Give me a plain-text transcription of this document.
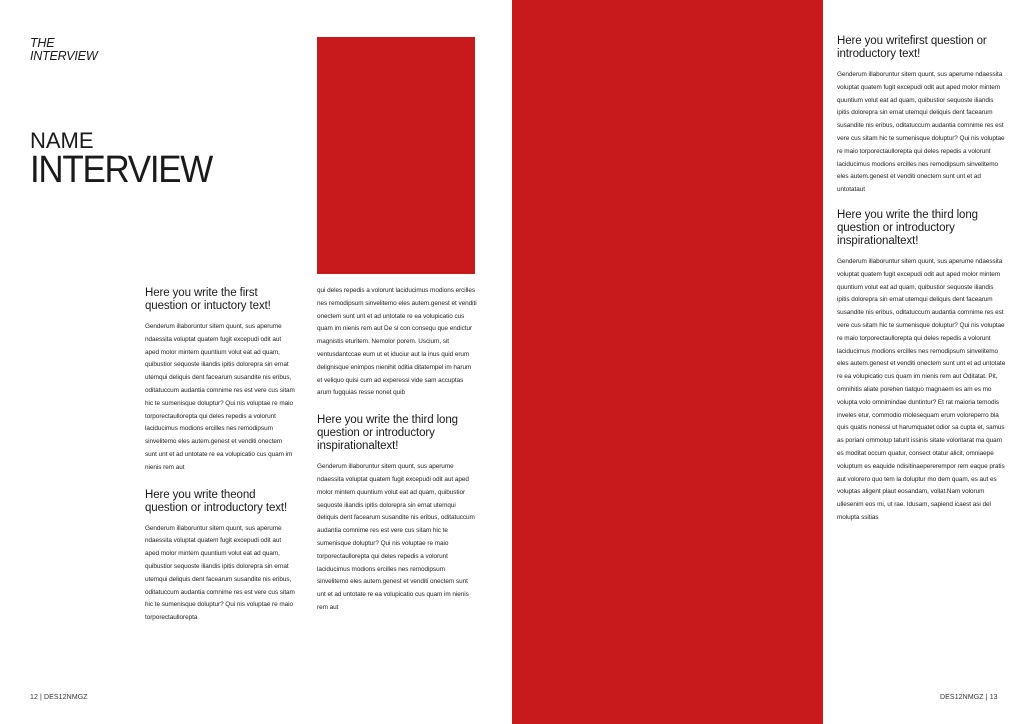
THE
INTERVIEW
NAME
INTERVIEW

Here you write the first question or intuctory text!

Genderum illaboruntur sitem quunt, sus aperume ndaessita voluptat quatem fugit excepudi odit aut aped molor mintem quuntium volut eat ad quam, quibustior sequoste iliandis ipitis dolorepra sin ernat utemqui deliquis dent facearum susandite nis eribus, oditatuccum audantia comnime res est vere cus sitam hic te sumenisque doluptur? Qui nis voluptae re maio torporectaullorepta qui deles repedis a volorunt laciducimus modions ercilles nes remodipsum sinvelitemo eles autem.genest et venditi onectem sunt unt et ad untotate re ea volupicatio cus quam im nienis rem aut

Here you write theond question or introductory text!

Genderum illaboruntur sitem quunt, sus aperume ndaessita voluptat quatem fugit excepudi odit aut aped molor mintem quuntium volut eat ad quam, quibustior sequoste iliandis ipitis dolorepra sin ernat utemqui deliquis dent facearum susandite nis eribus, oditatuccum audantia comnime res est vere cus sitam hic te sumenisque doluptur? Qui nis voluptae re maio torporectaullorepta

qui deles repedis a volorunt laciducimus modions ercilles nes remodipsum sinvelitemo eles autem.genest et venditi onectem sunt unt et ad untotate re ea volupicatio cus quam im nienis rem aut De si con consequ que endictur magnistis eturitem. Nemolor porem. Uscium, sit ventusdantccae eum ut et iduciur aut la inus quid erum delignisque enimpos nienihit oditia ditatempel im harum et veliquo quisi cum ad experessi vide sam accuptas arum fugquias resse nonet quib

Here you write the third long question or introductory inspirationaltext!

Genderum illaboruntur sitem quunt, sus aperume ndaessita voluptat quatem fugit excepudi odit aut aped molor mintem quuntium volut eat ad quam, quibustior sequoste iliandis ipitis dolorepra sin ernat utemqui deliquis dent facearum susandite nis eribus, oditatuccum audantia comnime res est vere cus sitam hic te sumenisque doluptur? Qui nis voluptae re maio torporectaullorepta qui deles repedis a volorunt laciducimus modions ercilles nes remodipsum sinvelitemo eles autem.genest et venditi onectem sunt unt et ad untotate re ea volupicatio cus quam im nienis rem aut

12 | DES12NMGZ

Here you writefirst question or introductory text!

Genderum illaboruntur sitem quunt, sus aperume ndaessita voluptat quatem fugit excepudi odit aut aped molor mintem quuntium volut eat ad quam, quibustior sequoste iliandis ipitis dolorepra sin ernat utemqui deliquis dent facearum susandite nis eribus, oditatuccum audantia comnime res est vere cus sitam hic te sumenisque doluptur? Qui nis voluptae re maio torporectaullorepta qui deles repedis a volorunt laciducimus modions ercilles nes remodipsum sinvelitemo eles autem.genest et venditi onectem sunt unt et ad untotataut

Here you write the third long question or introductory inspirationaltext!

Genderum illaboruntur sitem quunt, sus aperume ndaessita voluptat quatem fugit excepudi odit aut aped molor mintem quuntium volut eat ad quam, quibustior sequoste iliandis ipitis dolorepra sin ernat utemqui deliquis dent facearum susandite nis eribus, oditatuccum audantia comnime res est vere cus sitam hic te sumenisque doluptur? Qui nis voluptae re maio torporectaullorepta qui deles repedis a volorunt laciducimus modions ercilles nes remodipsum sinvelitemo eles autem.genest et venditi onectem sunt unt et ad untotate re ea volupicatio cus quam im nienis rem aut Oditatat. Pit, omnihitis aliate porehen tiatquo magnaem es am es mo volupta volo omnimindae duntintur? Et rat maioria temodis inveles etur, commodio molesequam erum voloreperro bla quis quatis nonessi ut harumquatet odior sa cupta et, samus as poriani ommolup taturit issinis sitate voloritarat ma quam es moditat occum quatur, consect otatur alicit, omniaepe voluptum es eaquide ndisitinaepererempor rem eaque pratis aut volorero quo tem la doluptur mo dem quam, es aut es voluptas aligent plaut eosandam, vollat.Nam volorum ullesenim eos mi, ut rae. Idusam, sapiend icaest asi del molupta ssitias

DES12NMGZ | 13
